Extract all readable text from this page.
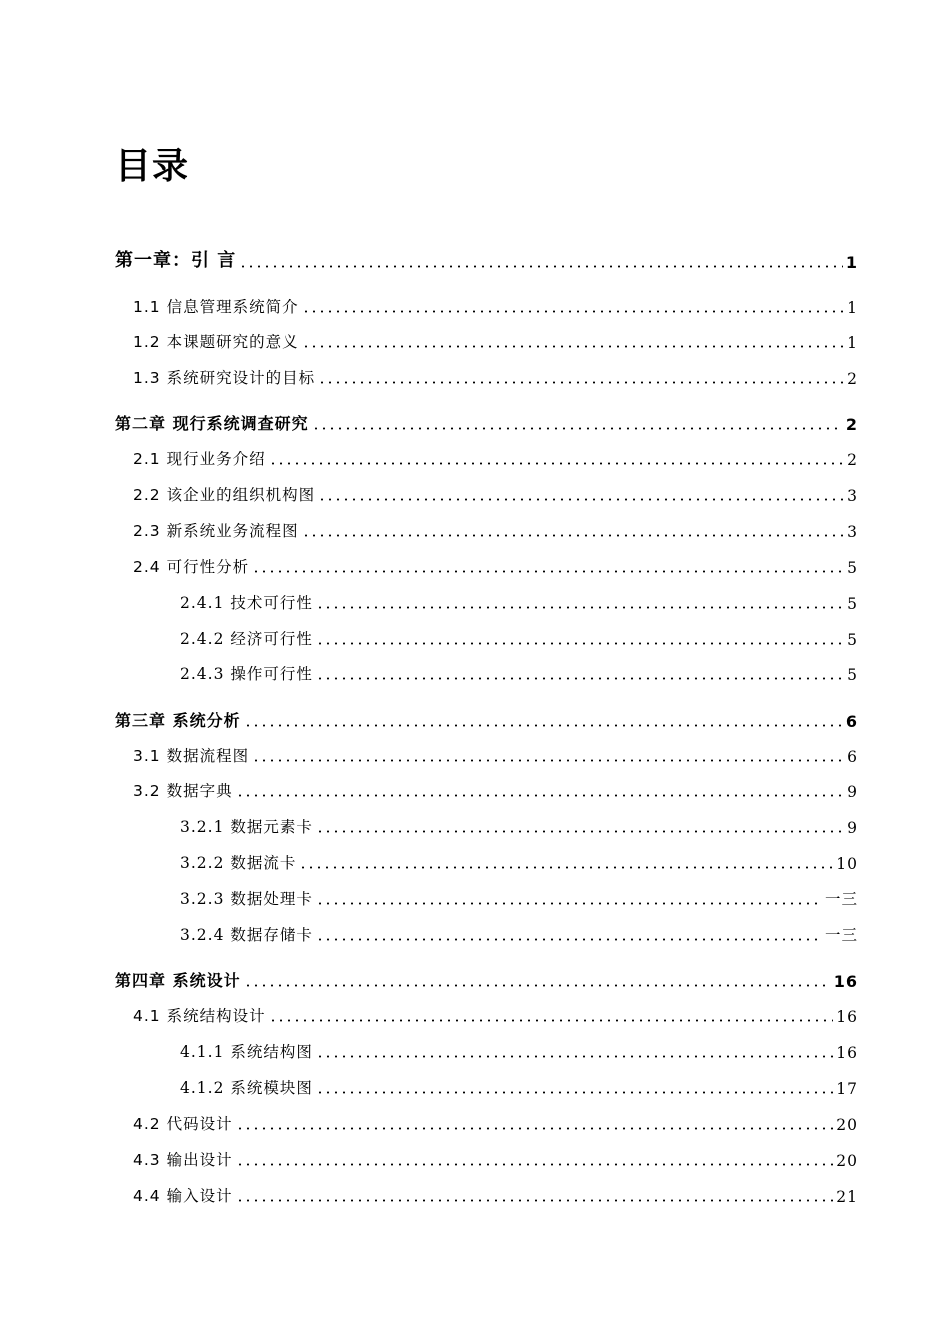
目录
第一章：引 言	1
1.1 信息管理系统简介	1
1.2 本课题研究的意义	1
1.3 系统研究设计的目标	2
第二章 现行系统调查研究	2
2.1 现行业务介绍	2
2.2 该企业的组织机构图	3
2.3 新系统业务流程图	3
2.4 可行性分析	5
2.4.1 技术可行性	5
2.4.2 经济可行性	5
2.4.3 操作可行性	5
第三章 系统分析	6
3.1 数据流程图	6
3.2 数据字典	9
3.2.1 数据元素卡	9
3.2.2 数据流卡	10
3.2.3 数据处理卡	一三
3.2.4 数据存储卡	一三
第四章 系统设计	16
4.1 系统结构设计	16
4.1.1 系统结构图	16
4.1.2 系统模块图	17
4.2 代码设计	20
4.3 输出设计	20
4.4 输入设计	21
